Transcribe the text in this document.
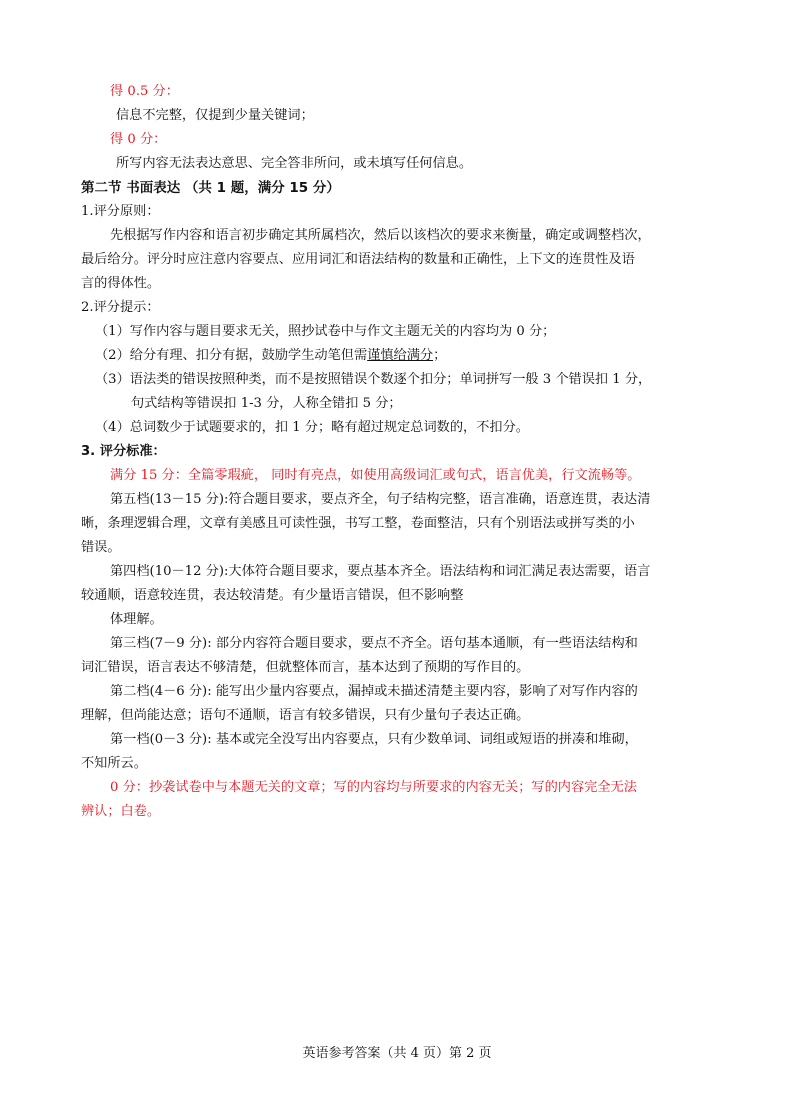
得 0.5 分：
信息不完整，仅提到少量关键词；
得 0 分：
所写内容无法表达意思、完全答非所问，或未填写任何信息。
第二节 书面表达 （共 1 题，满分 15 分）
1.评分原则：
先根据写作内容和语言初步确定其所属档次，然后以该档次的要求来衡量，确定或调整档次，
最后给分。评分时应注意内容要点、应用词汇和语法结构的数量和正确性，上下文的连贯性及语
言的得体性。
2.评分提示：
（1）写作内容与题目要求无关，照抄试卷中与作文主题无关的内容均为 0 分；
（2）给分有理、扣分有据，鼓励学生动笔但需谨慎给满分；
（3）语法类的错误按照种类，而不是按照错误个数逐个扣分；单词拼写一般 3 个错误扣 1 分，
句式结构等错误扣 1-3 分，人称全错扣 5 分；
（4）总词数少于试题要求的，扣 1 分；略有超过规定总词数的，不扣分。
3. 评分标准：
满分 15 分：全篇零瑕疵， 同时有亮点，如使用高级词汇或句式，语言优美，行文流畅等。
第五档(13－15 分):符合题目要求，要点齐全，句子结构完整，语言准确，语意连贯，表达清
晰，条理逻辑合理，文章有美感且可读性强，书写工整，卷面整洁，只有个别语法或拼写类的小
错误。
第四档(10－12 分):大体符合题目要求，要点基本齐全。语法结构和词汇满足表达需要，语言
较通顺，语意较连贯，表达较清楚。有少量语言错误，但不影响整
体理解。
第三档(7－9 分): 部分内容符合题目要求，要点不齐全。语句基本通顺，有一些语法结构和
词汇错误，语言表达不够清楚，但就整体而言，基本达到了预期的写作目的。
第二档(4－6 分): 能写出少量内容要点，漏掉或未描述清楚主要内容，影响了对写作内容的
理解，但尚能达意；语句不通顺，语言有较多错误，只有少量句子表达正确。
第一档(0－3 分): 基本或完全没写出内容要点，只有少数单词、词组或短语的拼凑和堆砌，
不知所云。
0 分：抄袭试卷中与本题无关的文章；写的内容均与所要求的内容无关；写的内容完全无法
辨认；白卷。
英语参考答案（共 4 页）第 2 页
